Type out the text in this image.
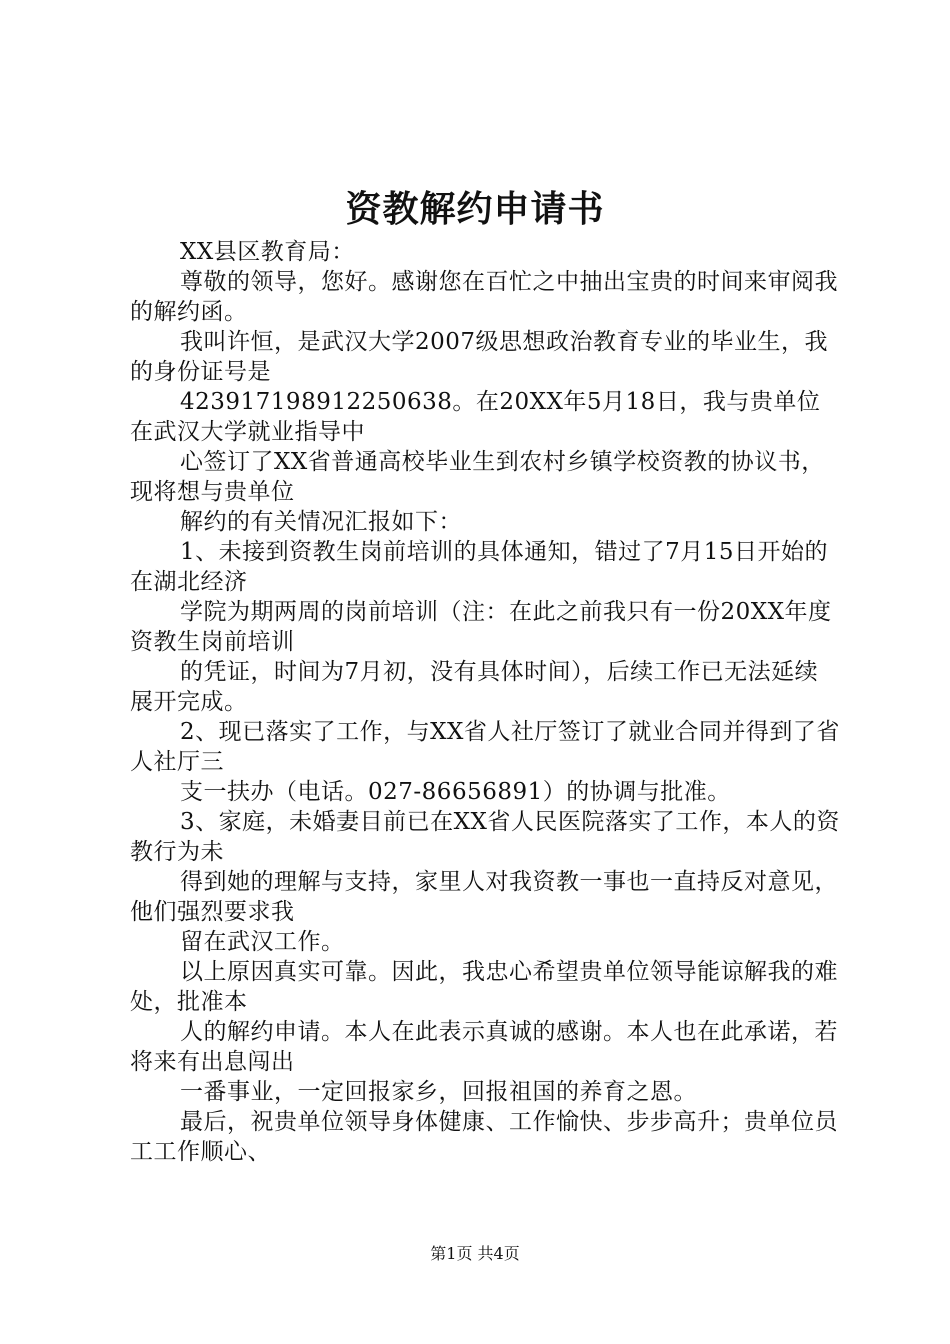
资教解约申请书

XX县区教育局：

尊敬的领导，您好。感谢您在百忙之中抽出宝贵的时间来审阅我的解约函。

我叫许恒，是武汉大学2007级思想政治教育专业的毕业生，我的身份证号是

423917198912250638。在20XX年5月18日，我与贵单位在武汉大学就业指导中

心签订了XX省普通高校毕业生到农村乡镇学校资教的协议书，现将想与贵单位

解约的有关情况汇报如下：

1、未接到资教生岗前培训的具体通知，错过了7月15日开始的在湖北经济

学院为期两周的岗前培训（注：在此之前我只有一份20XX年度资教生岗前培训

的凭证，时间为7月初，没有具体时间），后续工作已无法延续展开完成。

2、现已落实了工作，与XX省人社厅签订了就业合同并得到了省人社厅三

支一扶办（电话。027-86656891）的协调与批准。

3、家庭，未婚妻目前已在XX省人民医院落实了工作，本人的资教行为未

得到她的理解与支持，家里人对我资教一事也一直持反对意见，他们强烈要求我

留在武汉工作。

以上原因真实可靠。因此，我忠心希望贵单位领导能谅解我的难处，批准本

人的解约申请。本人在此表示真诚的感谢。本人也在此承诺，若将来有出息闯出

一番事业，一定回报家乡，回报祖国的养育之恩。

最后，祝贵单位领导身体健康、工作愉快、步步高升；贵单位员工工作顺心、

第1页 共4页
